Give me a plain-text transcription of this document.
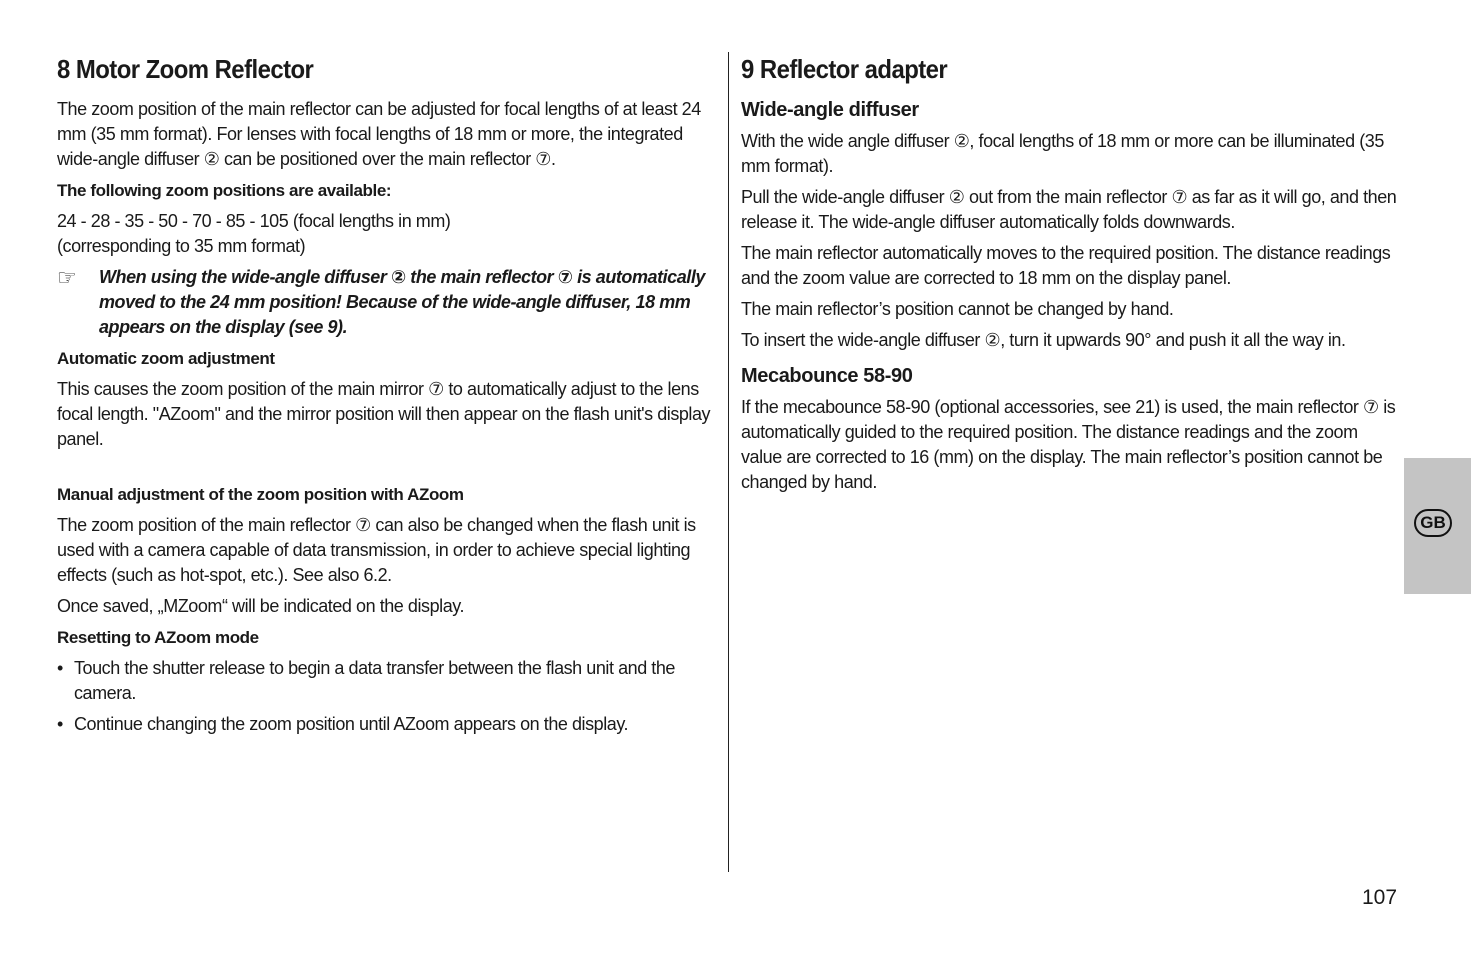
8 Motor Zoom Reflector

The zoom position of the main reflector can be adjusted for focal lengths of at least 24 mm (35 mm format). For lenses with focal lengths of 18 mm or more, the integrated wide-angle diffuser ② can be positioned over the main reflector ⑦.

The following zoom positions are available:

24 - 28 - 35 - 50 - 70 - 85 - 105 (focal lengths in mm)
(corresponding to 35 mm format)

☞ When using the wide-angle diffuser ② the main reflector ⑦ is automatically moved to the 24 mm position! Because of the wide-angle diffuser, 18 mm appears on the display (see 9).

Automatic zoom adjustment

This causes the zoom position of the main mirror ⑦ to automatically adjust to the lens focal length. "AZoom" and the mirror position will then appear on the flash unit's display panel.

Manual adjustment of the zoom position with AZoom

The zoom position of the main reflector ⑦ can also be changed when the flash unit is used with a camera capable of data transmission, in order to achieve special lighting effects (such as hot-spot, etc.). See also 6.2.

Once saved, „MZoom“ will be indicated on the display.

Resetting to AZoom mode
• Touch the shutter release to begin a data transfer between the flash unit and the camera.
• Continue changing the zoom position until AZoom appears on the display.
9 Reflector adapter
Wide-angle diffuser

With the wide angle diffuser ②, focal lengths of 18 mm or more can be illuminated (35 mm format).

Pull the wide-angle diffuser ② out from the main reflector ⑦ as far as it will go, and then release it. The wide-angle diffuser automatically folds downwards.

The main reflector automatically moves to the required position. The distance readings and the zoom value are corrected to 18 mm on the display panel.

The main reflector’s position cannot be changed by hand.

To insert the wide-angle diffuser ②, turn it upwards 90° and push it all the way in.

Mecabounce 58-90

If the mecabounce 58-90 (optional accessories, see 21) is used, the main reflector ⑦ is automatically guided to the required position. The distance readings and the zoom value are corrected to 16 (mm) on the display. The main reflector’s position cannot be changed by hand.

GB
107
